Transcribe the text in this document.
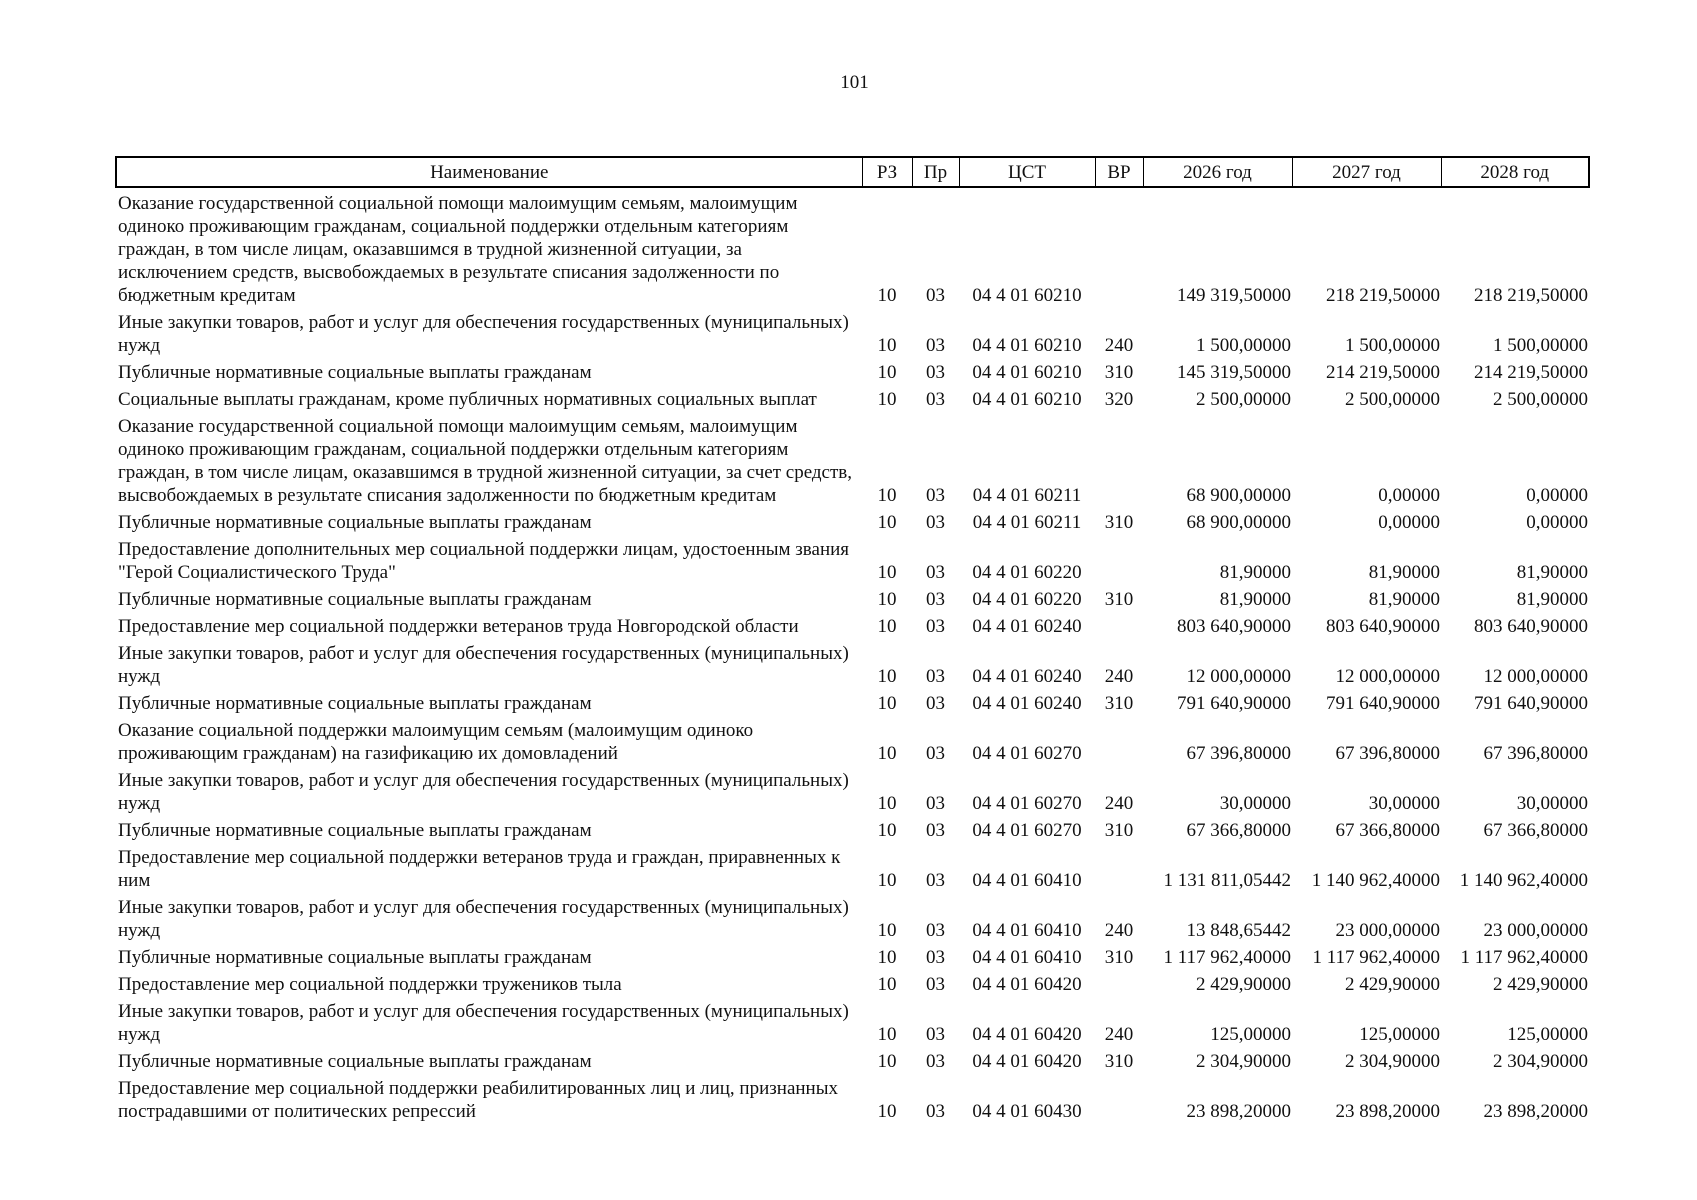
101
Наименование	РЗ	Пр	ЦСТ	ВР	2026 год	2027 год	2028 год
Оказание государственной социальной помощи малоимущим семьям, малоимущим одиноко проживающим гражданам, социальной поддержки отдельным категориям граждан, в том числе лицам, оказавшимся в трудной жизненной ситуации, за исключением средств, высвобождаемых в результате списания задолженности по бюджетным кредитам	10	03	04 4 01 60210		149 319,50000	218 219,50000	218 219,50000
Иные закупки товаров, работ и услуг для обеспечения государственных (муниципальных) нужд	10	03	04 4 01 60210	240	1 500,00000	1 500,00000	1 500,00000
Публичные нормативные социальные выплаты гражданам	10	03	04 4 01 60210	310	145 319,50000	214 219,50000	214 219,50000
Социальные выплаты гражданам, кроме публичных нормативных социальных выплат	10	03	04 4 01 60210	320	2 500,00000	2 500,00000	2 500,00000
Оказание государственной социальной помощи малоимущим семьям, малоимущим одиноко проживающим гражданам, социальной поддержки отдельным категориям граждан, в том числе лицам, оказавшимся в трудной жизненной ситуации, за счет средств, высвобождаемых в результате списания задолженности по бюджетным кредитам	10	03	04 4 01 60211		68 900,00000	0,00000	0,00000
Публичные нормативные социальные выплаты гражданам	10	03	04 4 01 60211	310	68 900,00000	0,00000	0,00000
Предоставление дополнительных мер социальной поддержки лицам, удостоенным звания "Герой Социалистического Труда"	10	03	04 4 01 60220		81,90000	81,90000	81,90000
Публичные нормативные социальные выплаты гражданам	10	03	04 4 01 60220	310	81,90000	81,90000	81,90000
Предоставление мер социальной поддержки ветеранов труда Новгородской области	10	03	04 4 01 60240		803 640,90000	803 640,90000	803 640,90000
Иные закупки товаров, работ и услуг для обеспечения государственных (муниципальных) нужд	10	03	04 4 01 60240	240	12 000,00000	12 000,00000	12 000,00000
Публичные нормативные социальные выплаты гражданам	10	03	04 4 01 60240	310	791 640,90000	791 640,90000	791 640,90000
Оказание социальной поддержки малоимущим семьям (малоимущим одиноко проживающим гражданам) на газификацию их домовладений	10	03	04 4 01 60270		67 396,80000	67 396,80000	67 396,80000
Иные закупки товаров, работ и услуг для обеспечения государственных (муниципальных) нужд	10	03	04 4 01 60270	240	30,00000	30,00000	30,00000
Публичные нормативные социальные выплаты гражданам	10	03	04 4 01 60270	310	67 366,80000	67 366,80000	67 366,80000
Предоставление мер социальной поддержки ветеранов труда и граждан, приравненных к ним	10	03	04 4 01 60410		1 131 811,05442	1 140 962,40000	1 140 962,40000
Иные закупки товаров, работ и услуг для обеспечения государственных (муниципальных) нужд	10	03	04 4 01 60410	240	13 848,65442	23 000,00000	23 000,00000
Публичные нормативные социальные выплаты гражданам	10	03	04 4 01 60410	310	1 117 962,40000	1 117 962,40000	1 117 962,40000
Предоставление мер социальной поддержки тружеников тыла	10	03	04 4 01 60420		2 429,90000	2 429,90000	2 429,90000
Иные закупки товаров, работ и услуг для обеспечения государственных (муниципальных) нужд	10	03	04 4 01 60420	240	125,00000	125,00000	125,00000
Публичные нормативные социальные выплаты гражданам	10	03	04 4 01 60420	310	2 304,90000	2 304,90000	2 304,90000
Предоставление мер социальной поддержки реабилитированных лиц и лиц, признанных пострадавшими от политических репрессий	10	03	04 4 01 60430		23 898,20000	23 898,20000	23 898,20000
